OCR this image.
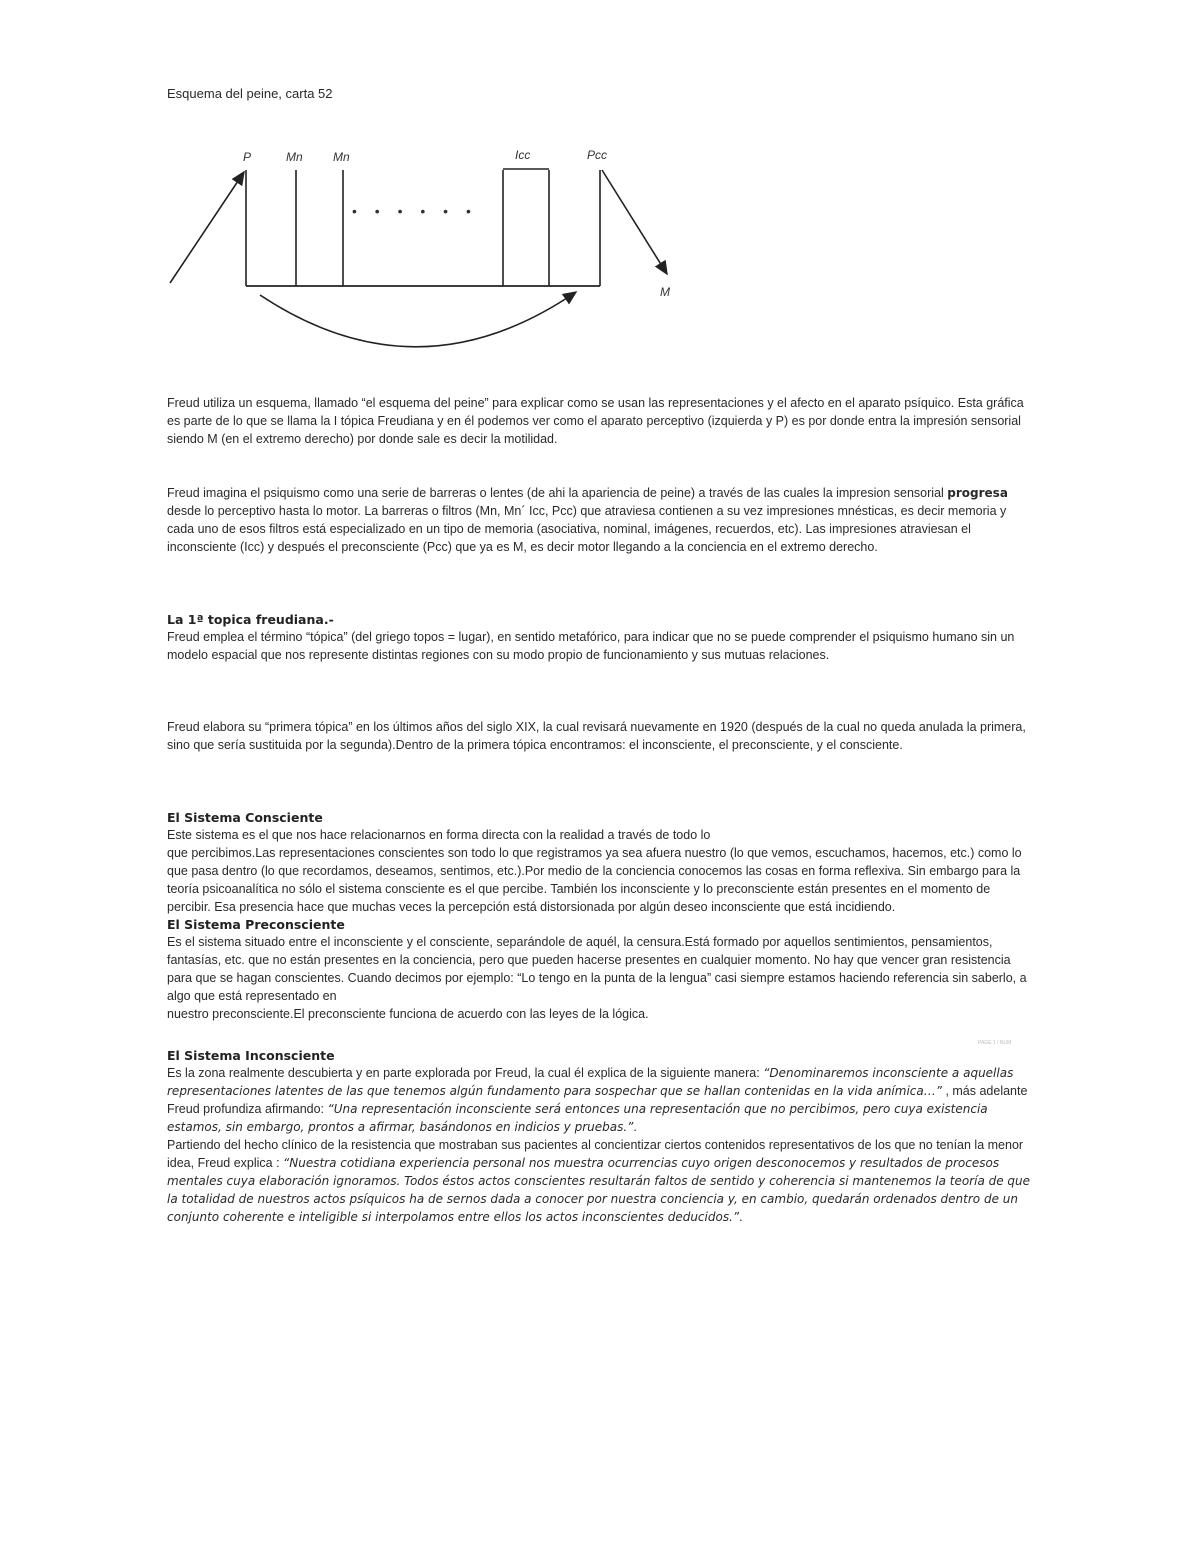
Esquema del peine, carta 52
• • • • • •
P	Mn	Mn	Icc	Pcc
M

Freud utiliza un esquema, llamado “el esquema del peine” para explicar como se usan las representaciones y el afecto en el aparato psíquico. Esta gráfica es parte de lo que se llama la I tópica Freudiana y en él podemos ver como el aparato perceptivo (izquierda y P) es por donde entra la impresión sensorial siendo M (en el extremo derecho) por donde sale es decir la motilidad.

Freud imagina el psiquismo como una serie de barreras o lentes (de ahi la apariencia de peine) a través de las cuales la impresion sensorial progresa desde lo perceptivo hasta lo motor. La barreras o filtros (Mn, Mn´ Icc, Pcc) que atraviesa contienen a su vez impresiones mnésticas, es decir memoria y cada uno de esos filtros está especializado en un tipo de memoria (asociativa, nominal, imágenes, recuerdos, etc). Las impresiones atraviesan el inconsciente (Icc) y después el preconsciente (Pcc) que ya es M, es decir motor llegando a la conciencia en el extremo derecho.

La 1ª topica freudiana.-

Freud emplea el término “tópica” (del griego topos = lugar), en sentido metafórico, para indicar que no se puede comprender el psiquismo humano sin un modelo espacial que nos represente distintas regiones con su modo propio de funcionamiento y sus mutuas relaciones.

Freud elabora su “primera tópica” en los últimos años del siglo XIX, la cual revisará nuevamente en 1920 (después de la cual no queda anulada la primera, sino que sería sustituida por la segunda).Dentro de la primera tópica encontramos: el inconsciente, el preconsciente, y el consciente.

El Sistema Consciente

Este sistema es el que nos hace relacionarnos en forma directa con la realidad a través de todo lo

que percibimos.Las representaciones conscientes son todo lo que registramos ya sea afuera nuestro (lo que vemos, escuchamos, hacemos, etc.) como lo que pasa dentro (lo que recordamos, deseamos, sentimos, etc.).Por medio de la conciencia conocemos las cosas en forma reflexiva. Sin embargo para la teoría psicoanalítica no sólo el sistema consciente es el que percibe. También los inconsciente y lo preconsciente están presentes en el momento de percibir. Esa presencia hace que muchas veces la percepción está distorsionada por algún deseo inconsciente que está incidiendo.

El Sistema Preconsciente

Es el sistema situado entre el inconsciente y el consciente, separándole de aquél, la censura.Está formado por aquellos sentimientos, pensamientos, fantasías, etc. que no están presentes en la conciencia, pero que pueden hacerse presentes en cualquier momento. No hay que vencer gran resistencia para que se hagan conscientes. Cuando decimos por ejemplo: “Lo tengo en la punta de la lengua” casi siempre estamos haciendo referencia sin saberlo, a algo que está representado en

nuestro preconsciente.El preconsciente funciona de acuerdo con las leyes de la lógica.

PAGE 1 / NUM

El Sistema Inconsciente

Es la zona realmente descubierta y en parte explorada por Freud, la cual él explica de la siguiente manera: “Denominaremos inconsciente a aquellas representaciones latentes de las que tenemos algún fundamento para sospechar que se hallan contenidas en la vida anímica…” , más adelante Freud profundiza afirmando: “Una representación inconsciente será entonces una representación que no percibimos, pero cuya existencia estamos, sin embargo, prontos a afirmar, basándonos en indicios y pruebas.”.

Partiendo del hecho clínico de la resistencia que mostraban sus pacientes al concientizar ciertos contenidos representativos de los que no tenían la menor idea, Freud explica : “Nuestra cotidiana experiencia personal nos muestra ocurrencias cuyo origen desconocemos y resultados de procesos mentales cuya elaboración ignoramos. Todos éstos actos conscientes resultarán faltos de sentido y coherencia si mantenemos la teoría de que la totalidad de nuestros actos psíquicos ha de sernos dada a conocer por nuestra conciencia y, en cambio, quedarán ordenados dentro de un conjunto coherente e inteligible si interpolamos entre ellos los actos inconscientes deducidos.”.
